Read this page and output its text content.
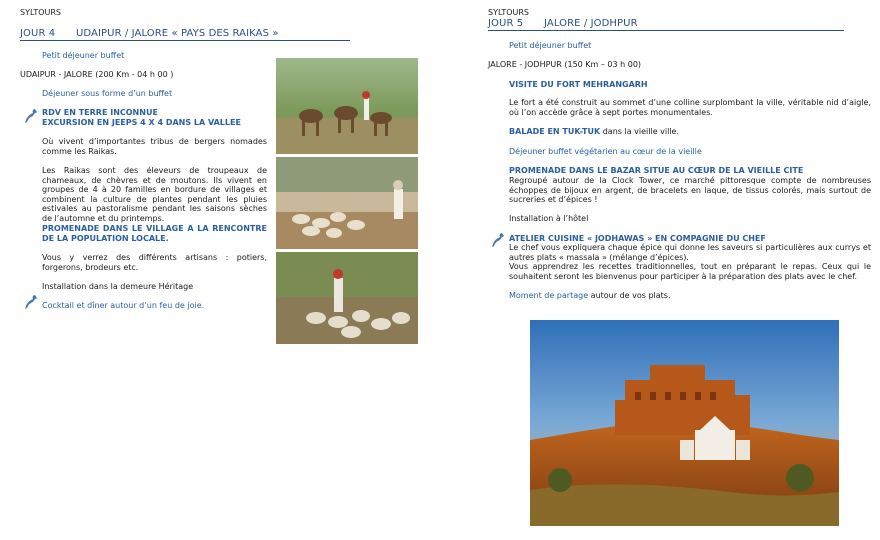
SYLTOURS
JOUR 4 UDAIPUR / JALORE « PAYS DES RAIKAS »
Petit déjeuner buffet
UDAIPUR - JALORE (200 Km - 04 h 00 )
Déjeuner sous forme d’un buffet
RDV EN TERRE INCONNUE
EXCURSION EN JEEPS 4 X 4 DANS LA VALLEE
Où vivent d’importantes tribus de bergers nomades comme les Raikas.
Les Raikas sont des éleveurs de troupeaux de chameaux, de chèvres et de moutons. Ils vivent en groupes de 4 à 20 familles en bordure de villages et combinent la culture de plantes pendant les pluies estivales au pastoralisme pendant les saisons sèches de l’automne et du printemps.
PROMENADE DANS LE VILLAGE A LA RENCONTRE DE LA POPULATION LOCALE.
Vous y verrez des différents artisans : potiers, forgerons, brodeurs etc.
Installation dans la demeure Héritage
Cocktail et dîner autour d’un feu de joie.
SYLTOURS
JOUR 5 JALORE / JODHPUR
Petit déjeuner buffet
JALORE - JODHPUR (150 Km – 03 h 00)
VISITE DU FORT MEHRANGARH
Le fort a été construit au sommet d’une colline surplombant la ville, véritable nid d’aigle, où l’on accède grâce à sept portes monumentales.
BALADE EN TUK-TUK dans la vieille ville.
Déjeuner buffet végétarien au cœur de la vieille
PROMENADE DANS LE BAZAR SITUE AU CŒUR DE LA VIEILLE CITE
Regroupé autour de la Clock Tower, ce marché pittoresque compte de nombreuses échoppes de bijoux en argent, de bracelets en laque, de tissus colorés, mais surtout de sucreries et d’épices !
Installation à l’hôtel
ATELIER CUISINE « JODHAWAS » EN COMPAGNIE DU CHEF
Le chef vous expliquera chaque épice qui donne les saveurs si particulières aux currys et autres plats « massala » (mélange d’épices).
Vous apprendrez les recettes traditionnelles, tout en préparant le repas. Ceux qui le souhaitent seront les bienvenus pour participer à la préparation des plats avec le chef.
Moment de partage autour de vos plats.
